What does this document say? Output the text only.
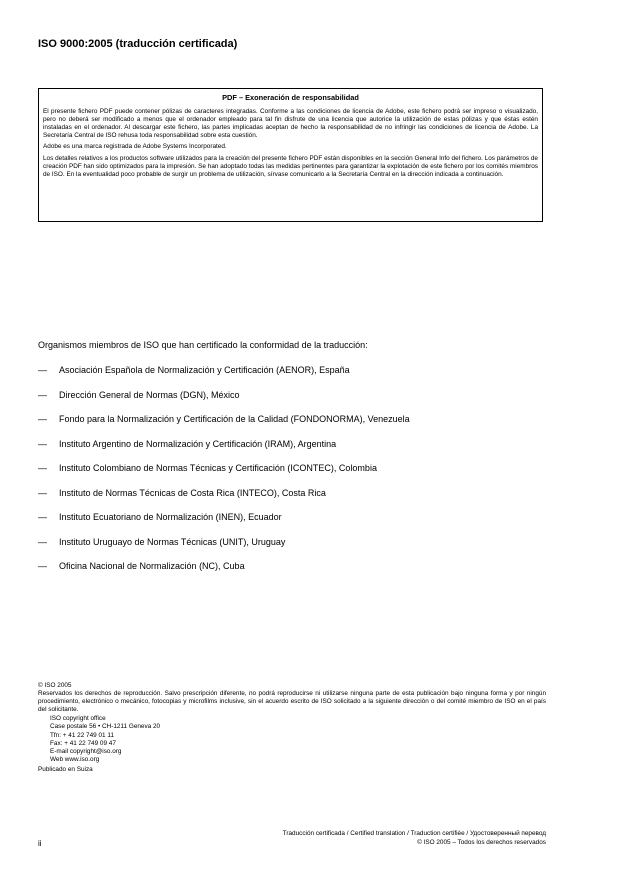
ISO 9000:2005 (traducción certificada)
PDF – Exoneración de responsabilidad

El presente fichero PDF puede contener pólizas de caracteres integradas. Conforme a las condiciones de licencia de Adobe, este fichero podrá ser impreso o visualizado, pero no deberá ser modificado a menos que el ordenador empleado para tal fin disfrute de una licencia que autorice la utilización de estas pólizas y que éstas estén instaladas en el ordenador. Al descargar este fichero, las partes implicadas aceptan de hecho la responsabilidad de no infringir las condiciones de licencia de Adobe. La Secretaría Central de ISO rehusa toda responsabilidad sobre esta cuestión.

Adobe es una marca registrada de Adobe Systems Incorporated.

Los detalles relativos a los productos software utilizados para la creación del presente fichero PDF están disponibles en la sección General Info del fichero. Los parámetros de creación PDF han sido optimizados para la impresión. Se han adoptado todas las medidas pertinentes para garantizar la explotación de este fichero por los comités miembros de ISO. En la eventualidad poco probable de surgir un problema de utilización, sírvase comunicarlo a la Secretaría Central en la dirección indicada a continuación.

Organismos miembros de ISO que han certificado la conformidad de la traducción:
—	Asociación Española de Normalización y Certificación (AENOR), España
—	Dirección General de Normas (DGN), México
—	Fondo para la Normalización y Certificación de la Calidad (FONDONORMA), Venezuela
—	Instituto Argentino de Normalización y Certificación (IRAM), Argentina
—	Instituto Colombiano de Normas Técnicas y Certificación (ICONTEC), Colombia
—	Instituto de Normas Técnicas de Costa Rica (INTECO), Costa Rica
—	Instituto Ecuatoriano de Normalización (INEN), Ecuador
—	Instituto Uruguayo de Normas Técnicas (UNIT), Uruguay
—	Oficina Nacional de Normalización (NC), Cuba

© ISO 2005

Reservados los derechos de reproducción. Salvo prescripción diferente, no podrá reproducirse ni utilizarse ninguna parte de esta publicación bajo ninguna forma y por ningún procedimiento, electrónico o mecánico, fotocopias y microfilms inclusive, sin el acuerdo escrito de ISO solicitado a la siguiente dirección o del comité miembro de ISO en el país del solicitante.

ISO copyright office

Case postale 56 • CH-1211 Geneva 20

Tfn: + 41 22 749 01 11

Fax: + 41 22 749 09 47

E-mail copyright@iso.org

Web www.iso.org

Publicado en Suiza

ii
Traducción certificada / Certified translation / Traduction certifiée / Удостоверенный перевод
© ISO 2005 – Todos los derechos reservados
